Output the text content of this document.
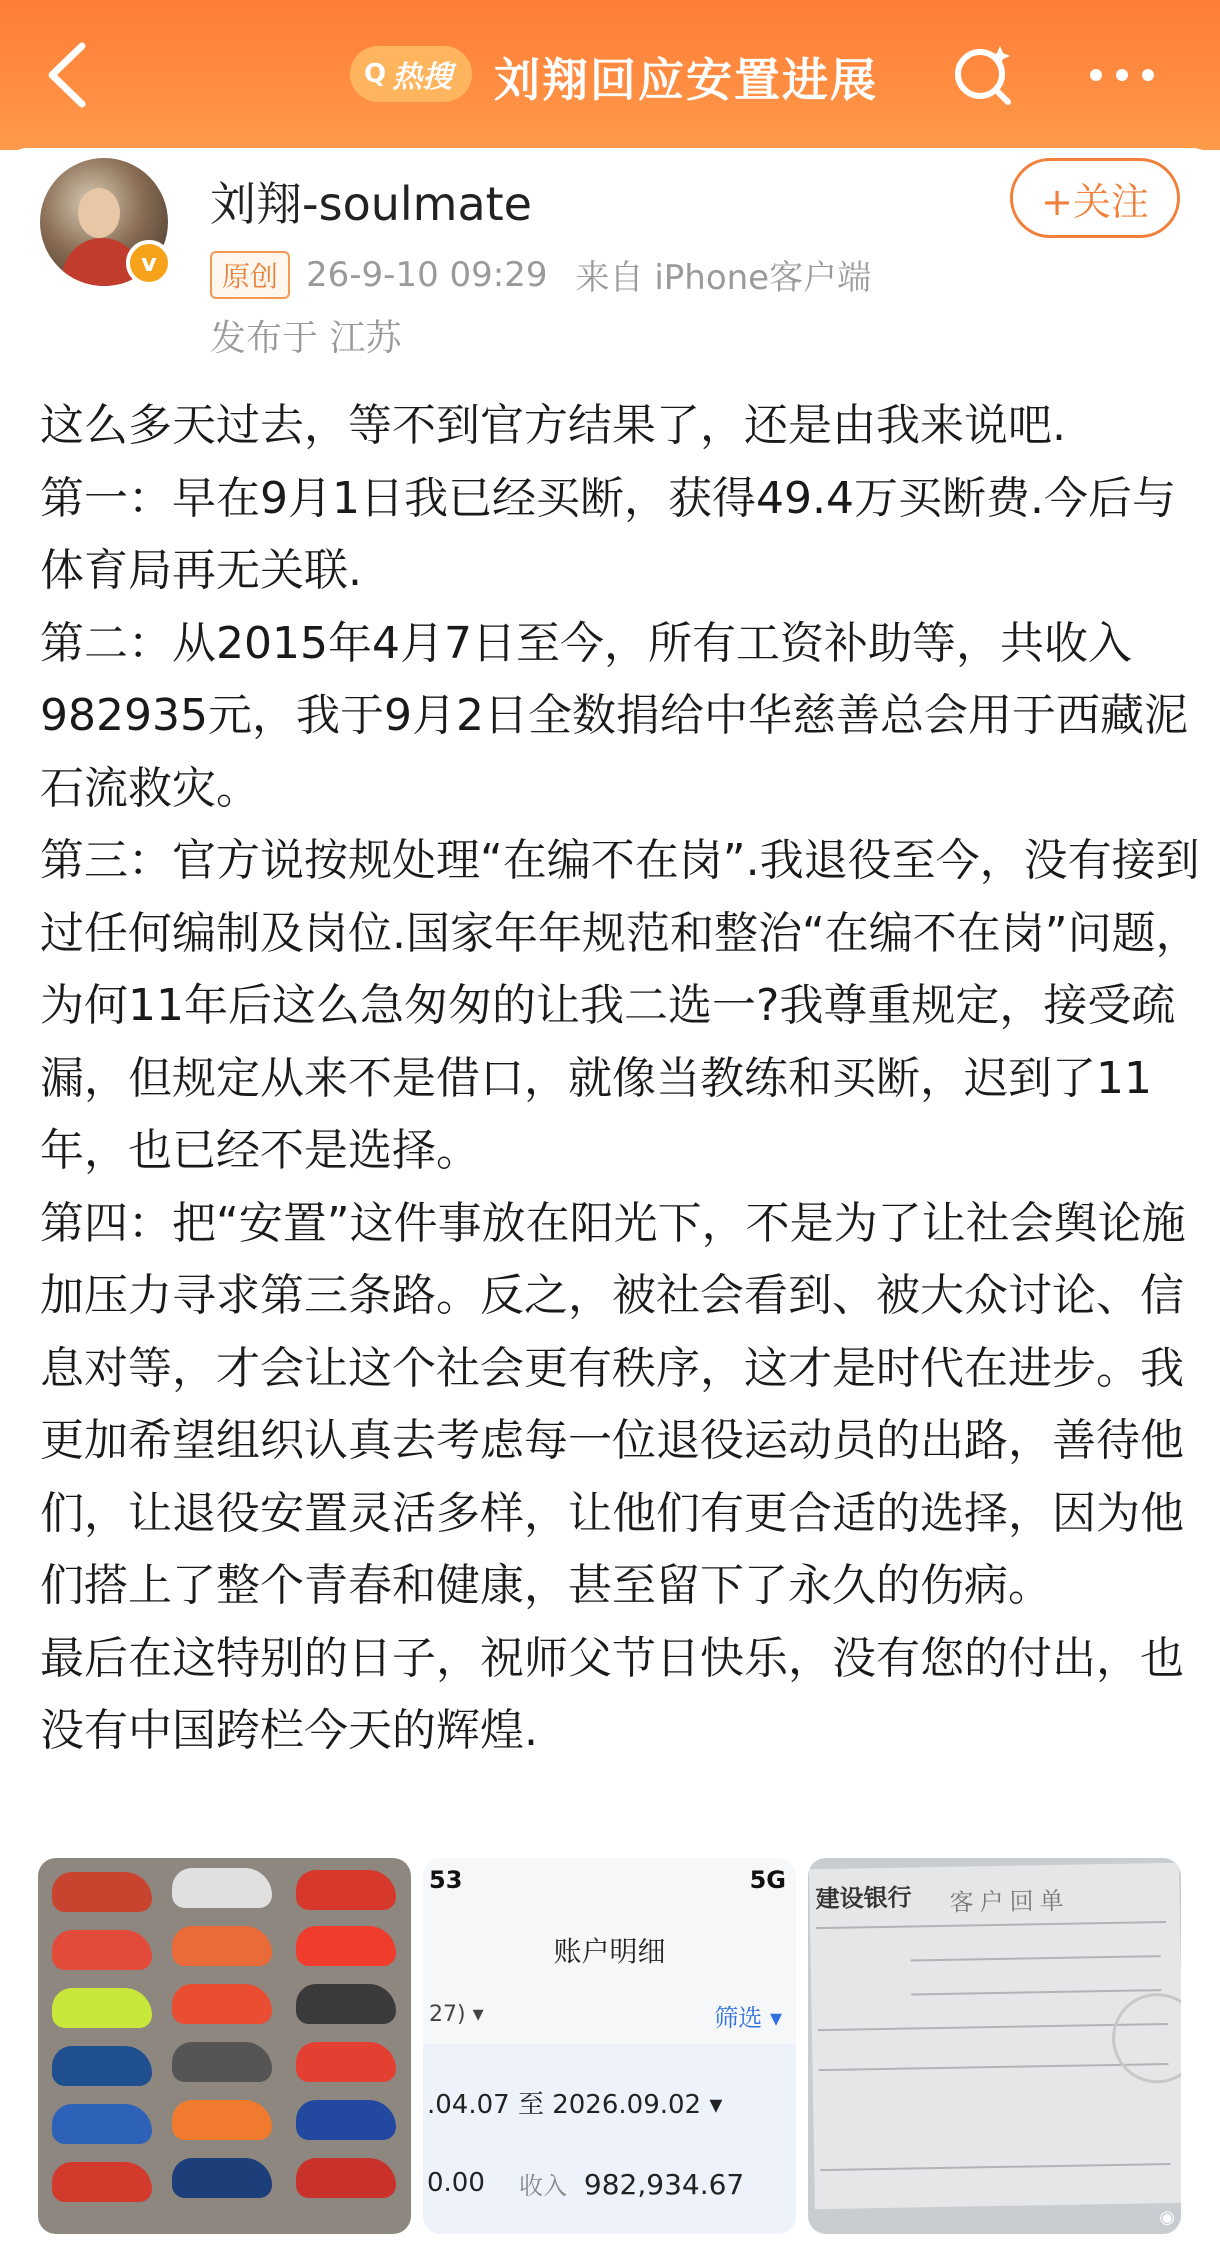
Q 热搜 刘翔回应安置进展
v
刘翔-soulmate	+关注
原创 26-9-10 09:29 来自 iPhone客户端
发布于 江苏

这么多天过去，等不到官方结果了，还是由我来说吧.

第一：早在9月1日我已经买断，获得49.4万买断费.今后与体育局再无关联.

第二：从2015年4月7日至今，所有工资补助等，共收入982935元，我于9月2日全数捐给中华慈善总会用于西藏泥石流救灾。

第三：官方说按规处理“在编不在岗”.我退役至今，没有接到过任何编制及岗位.国家年年规范和整治“在编不在岗”问题，为何11年后这么急匆匆的让我二选一?我尊重规定，接受疏漏，但规定从来不是借口，就像当教练和买断，迟到了11年，也已经不是选择。

第四：把“安置”这件事放在阳光下，不是为了让社会舆论施加压力寻求第三条路。反之，被社会看到、被大众讨论、信息对等，才会让这个社会更有秩序，这才是时代在进步。我更加希望组织认真去考虑每一位退役运动员的出路，善待他们，让退役安置灵活多样，让他们有更合适的选择，因为他们搭上了整个青春和健康，甚至留下了永久的伤病。

最后在这特别的日子，祝师父节日快乐，没有您的付出，也没有中国跨栏今天的辉煌.

53	5G
账户明细
27) ▾	筛选 ▾
.04.07 至 2026.09.02 ▾
0.00 收入 982,934.67
建设银行 客户回单
◉
